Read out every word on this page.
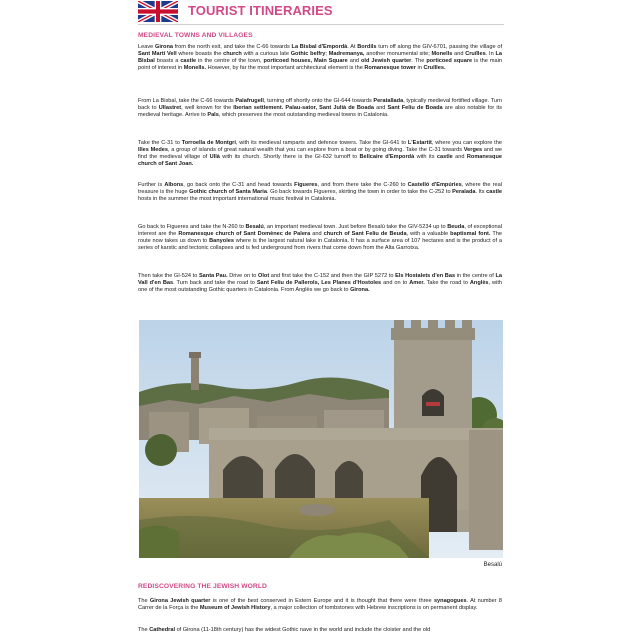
TOURIST ITINERARIES
MEDIEVAL TOWNS AND VILLAGES

Leave Girona from the north exit, and take the C-66 towards La Bisbal d'Empordà. At Bordils turn off along the GIV-6701, passing the village of Sant Martí Vell where boasts the church with a curious late Gothic belfry; Madremanya, another monumental site; Monells and Cruïlles. In La Bisbal boasts a castle in the centre of the town, porticoed houses, Main Square and old Jewish quarter. The porticoed square is the main point of interest in Monells. However, by far the most important architectural element is the Romanesque tower in Cruïlles.

From La Bisbal, take the C-66 towards Palafrugell, turning off shortly onto the GI-644 towards Peratallada, typically medieval fortified village. Turn back to Ullastret, well known for the Iberian settlement. Palau-sator, Sant Julià de Boada and Sant Feliu de Boada are also notable for its medieval heritage. Arrive to Pals, which preserves the most outstanding medieval towns in Catalonia.

Take the C-31 to Torroella de Montgrí, with its medieval ramparts and defence towers. Take the GI-641 to L'Estartit, where you can explore the Illes Medes, a group of islands of great natural wealth that you can explore from a boat or by going diving. Take the C-31 towards Verges and we find the medieval village of Ullà with its church. Shortly there is the GI-632 turnoff to Bellcaire d'Empordà with its castle and Romanesque church of Sant Joan.

Further is Albons, go back onto the C-31 and head towards Figueres, and from there take the C-260 to Castelló d'Empúries, where the real treasure is the huge Gothic church of Santa Maria. Go back towards Figueres, skirting the town in order to take the C-252 to Peralada. Its castle hosts in the summer the most important international music festival in Catalonia.

Go back to Figueres and take the N-260 to Besalú, an important medieval town. Just before Besalú take the GIV-5234 up to Beuda, of exceptional interest are the Romanesque church of Sant Domènec de Palera and church of Sant Feliu de Beuda, with a valuable baptismal font. The route now takes us down to Banyoles where is the largest natural lake in Catalonia. It has a surface area of 107 hectares and is the product of a series of karstic and tectonic collapses and is fed underground from rivers that come down from the Alta Garrotxa.

Then take the GI-524 to Santa Pau. Drive on to Olot and first take the C-152 and then the GIP 5272 to Els Hostalets d'en Bas in the centre of La Vall d'en Bas. Turn back and take the road to Sant Feliu de Pallerols, Les Planes d'Hostoles and on to Amer. Take the road to Anglès, with one of the most outstanding Gothic quarters in Catalonia. From Anglès we go back to Girona.

Besalú
REDISCOVERING THE JEWISH WORLD

The Girona Jewish quarter is one of the best conserved in Estern Europe and it is thought that there were three synagogues. At number 8 Carrer de la Força is the Museum of Jewish History, a major collection of tombstones with Hebrew inscriptions is on permanent display.

The Cathedral of Girona (11-18th century) has the widest Gothic nave in the world and include the cloister and the old
